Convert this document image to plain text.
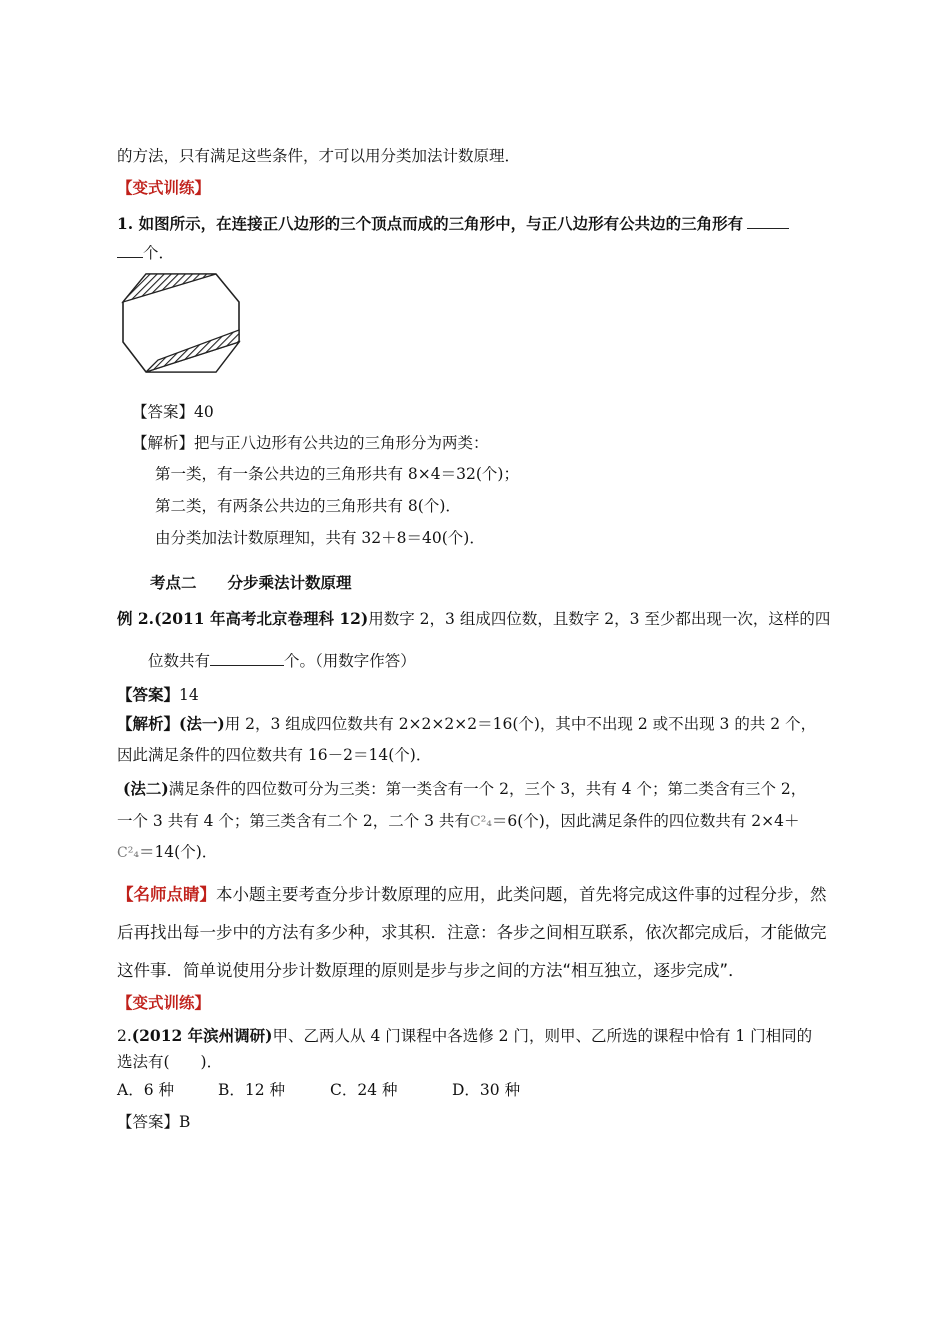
的方法，只有满足这些条件，才可以用分类加法计数原理．
【变式训练】
1. 如图所示，在连接正八边形的三个顶点而成的三角形中，与正八边形有公共边的三角形有
个．
【答案】40
【解析】把与正八边形有公共边的三角形分为两类：
第一类，有一条公共边的三角形共有 8×4＝32(个)；
第二类，有两条公共边的三角形共有 8(个)．
由分类加法计数原理知，共有 32＋8＝40(个)．
考点二　　分步乘法计数原理
例 2.(2011 年高考北京卷理科 12)用数字 2，3 组成四位数，且数字 2，3 至少都出现一次，这样的四
位数共有	个。（用数字作答）
【答案】14
【解析】(法一)用 2，3 组成四位数共有 2×2×2×2＝16(个)，其中不出现 2 或不出现 3 的共 2 个，
因此满足条件的四位数共有 16－2＝14(个)．
(法二)满足条件的四位数可分为三类：第一类含有一个 2，三个 3，共有 4 个；第二类含有三个 2，
一个 3 共有 4 个；第三类含有二个 2，二个 3 共有C²₄＝6(个)，因此满足条件的四位数共有 2×4＋
C²₄＝14(个)．
【名师点睛】本小题主要考查分步计数原理的应用，此类问题，首先将完成这件事的过程分步，然
后再找出每一步中的方法有多少种，求其积．注意：各步之间相互联系，依次都完成后，才能做完
这件事．简单说使用分步计数原理的原则是步与步之间的方法“相互独立，逐步完成”．
【变式训练】
2.(2012 年滨州调研)甲、乙两人从 4 门课程中各选修 2 门，则甲、乙所选的课程中恰有 1 门相同的
选法有(　　)．
A．6 种	B．12 种	C．24 种	D．30 种
【答案】B
